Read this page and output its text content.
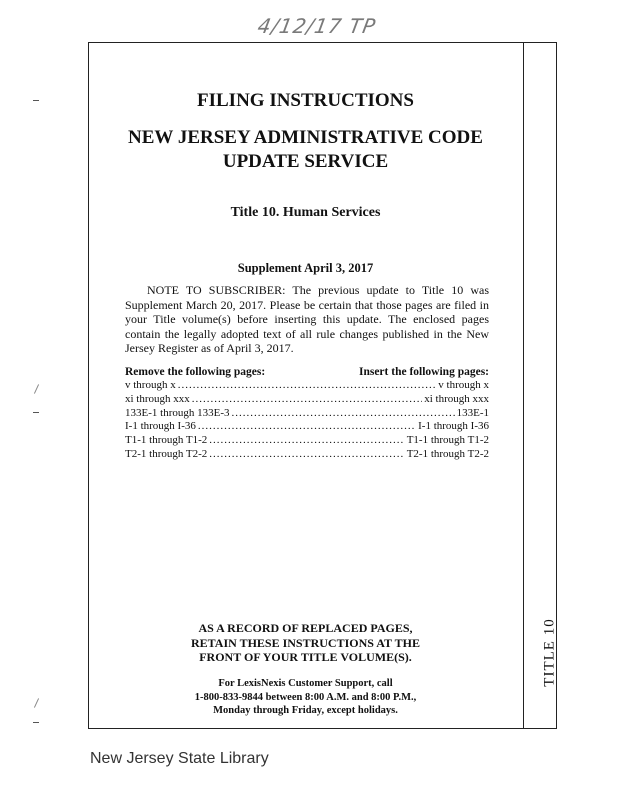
4/12/17 TP
TITLE 10
FILING INSTRUCTIONS
NEW JERSEY ADMINISTRATIVE CODE
UPDATE SERVICE
Title 10. Human Services
Supplement April 3, 2017
NOTE TO SUBSCRIBER: The previous update to Title 10 was Supplement March 20, 2017. Please be certain that those pages are filed in your Title volume(s) before inserting this update. The enclosed pages contain the legally adopted text of all rule changes published in the New Jersey Register as of April 3, 2017.
Remove the following pages:	Insert the following pages:
v through x .....	v through x
xi through xxx .....	xi through xxx
133E-1 through 133E-3 .....	133E-1
I-1 through I-36 .....	I-1 through I-36
T1-1 through T1-2 .....	T1-1 through T1-2
T2-1 through T2-2 .....	T2-1 through T2-2
AS A RECORD OF REPLACED PAGES,
RETAIN THESE INSTRUCTIONS AT THE
FRONT OF YOUR TITLE VOLUME(S).
For LexisNexis Customer Support, call
1-800-833-9844 between 8:00 A.M. and 8:00 P.M.,
Monday through Friday, except holidays.
New Jersey State Library
